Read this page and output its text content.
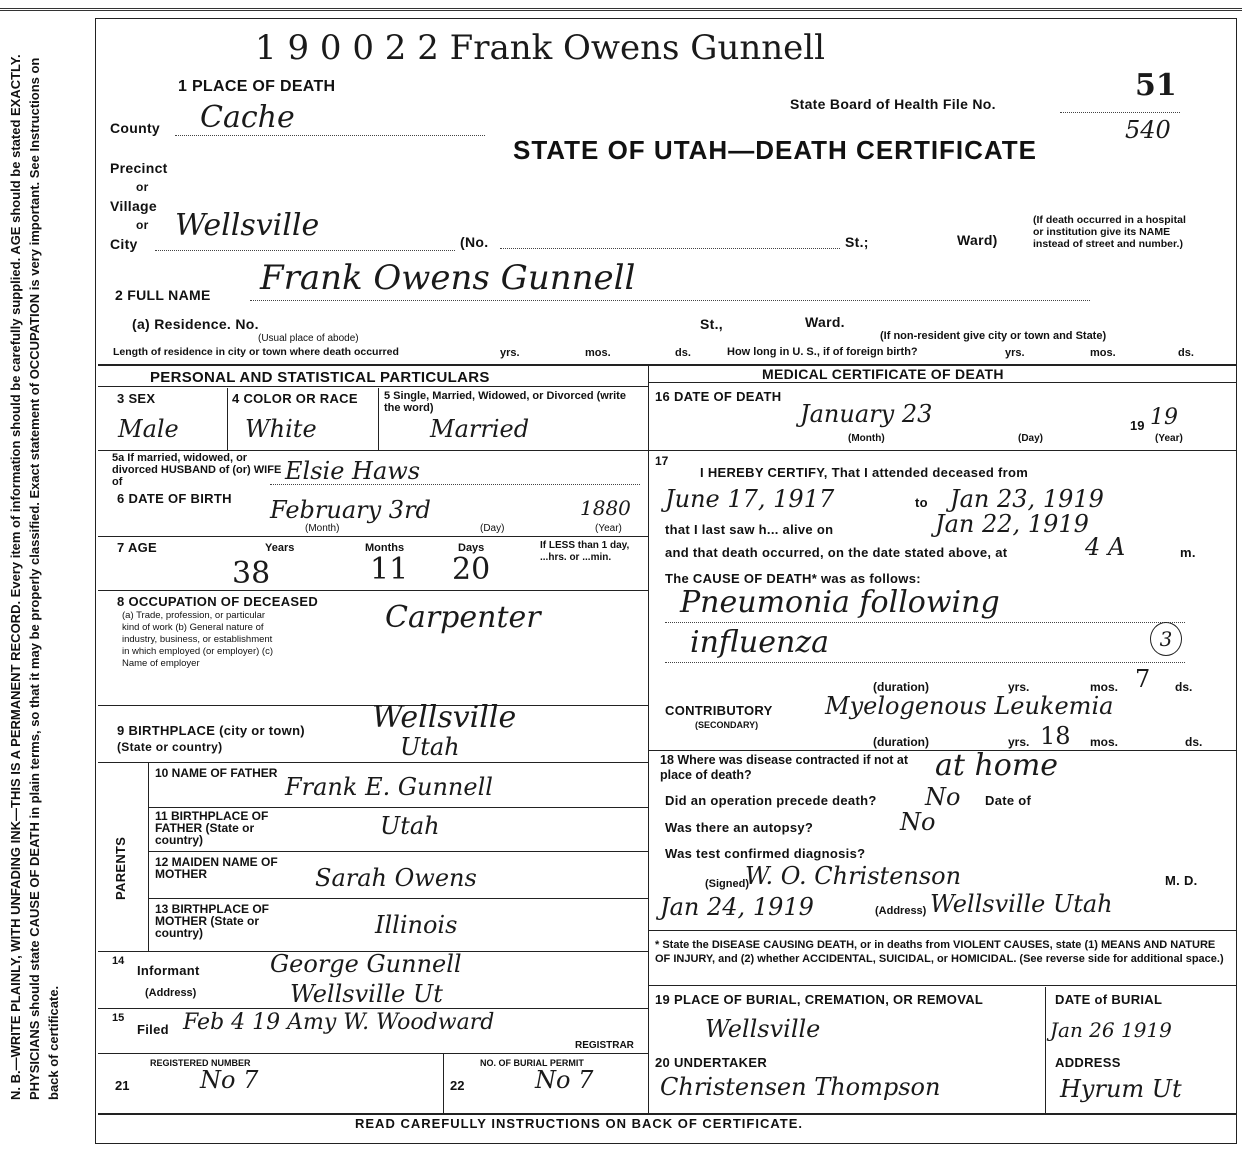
N. B.—WRITE PLAINLY, WITH UNFADING INK—THIS IS A PERMANENT RECORD. Every item of information should be carefully supplied. AGE should be stated EXACTLY. PHYSICIANS should state CAUSE OF DEATH in plain terms, so that it may be properly classified. Exact statement of OCCUPATION is very important. See Instructions on back of certificate.
1 9 0 0 2 2 Frank Owens Gunnell
1 PLACE OF DEATH
State Board of Health File No.
51
540
STATE OF UTAH—DEATH CERTIFICATE
County Cache
Precinct
or
Village
or
City
Wellsville	(No.	St.;	Ward)
(If death occurred in a hospital or institution give its NAME instead of street and number.)
2 FULL NAME Frank Owens Gunnell
(a) Residence. No.
(Usual place of abode)
St.,	Ward.
(If non-resident give city or town and State)
Length of residence in city or town where death occurred	yrs.	mos.	ds.	How long in U. S., if of foreign birth?	yrs.	mos.	ds.
PERSONAL AND STATISTICAL PARTICULARS	MEDICAL CERTIFICATE OF DEATH
3 SEX
Male
4 COLOR OR RACE
White
5 Single, Married, Widowed, or Divorced (write the word)
Married
5a If married, widowed, or divorced HUSBAND of (or) WIFE of	Elsie Haws
6 DATE OF BIRTH February 3rd	1880
(Month)	(Day)	(Year)
7 AGE	Years	Months	Days
38	11 20
If LESS than 1 day, ...hrs. or ...min.
8 OCCUPATION OF DECEASED
(a) Trade, profession, or particular kind of work (b) General nature of industry, business, or establishment in which employed (or employer) (c) Name of employer
Carpenter
9 BIRTHPLACE (city or town)
(State or country)
Wellsville
Utah
PARENTS
10 NAME OF FATHER Frank E. Gunnell
11 BIRTHPLACE OF FATHER (State or country)	Utah
12 MAIDEN NAME OF MOTHER	Sarah Owens
13 BIRTHPLACE OF MOTHER (State or country)	Illinois
14
Informant	George Gunnell
(Address)	Wellsville Ut
15
Filed Feb 4 19 Amy W. Woodward
REGISTRAR
REGISTERED NUMBER
21	No 7
NO. OF BURIAL PERMIT
22	No 7
16 DATE OF DEATH
January 23	19 19
(Month)	(Day)	(Year)
17
I HEREBY CERTIFY, That I attended deceased from
June 17, 1917	to Jan 23, 1919
that I last saw h... alive on	Jan 22, 1919
and that death occurred, on the date stated above, at	4 A	m.
The CAUSE OF DEATH* was as follows:
Pneumonia following
influenza	3
(duration)	yrs.	mos. 7 ds.
CONTRIBUTORY
(SECONDARY)
Myelogenous Leukemia
(duration)	yrs. 18 mos.	ds.
18 Where was disease contracted if not at place of death?	at home
Did an operation precede death? No Date of
Was there an autopsy?	No
Was test confirmed diagnosis?
(Signed)
W. O. Christenson	M. D.
Jan 24, 1919	(Address) Wellsville Utah
* State the DISEASE CAUSING DEATH, or in deaths from VIOLENT CAUSES, state (1) MEANS AND NATURE OF INJURY, and (2) whether ACCIDENTAL, SUICIDAL, or HOMICIDAL. (See reverse side for additional space.)
19 PLACE OF BURIAL, CREMATION, OR REMOVAL
Wellsville
DATE of BURIAL
Jan 26 1919
20 UNDERTAKER
Christensen Thompson
ADDRESS
Hyrum Ut
READ CAREFULLY INSTRUCTIONS ON BACK OF CERTIFICATE.
